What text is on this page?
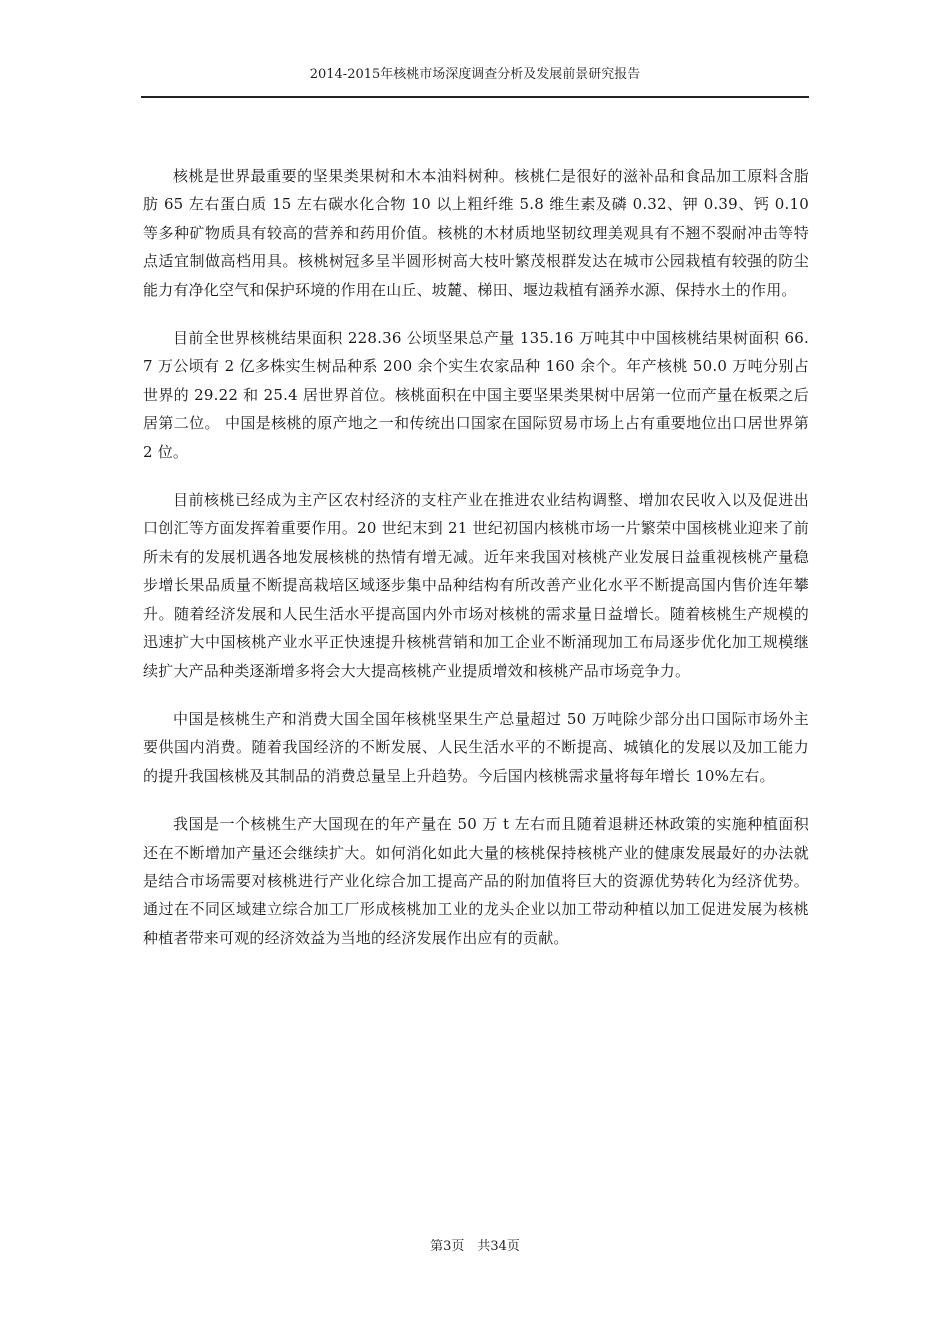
2014-2015年核桃市场深度调查分析及发展前景研究报告

核桃是世界最重要的坚果类果树和木本油料树种。核桃仁是很好的滋补品和食品加工原料含脂肪 65 左右蛋白质 15 左右碳水化合物 10 以上粗纤维 5.8 维生素及磷 0.32、钾 0.39、钙 0.10 等多种矿物质具有较高的营养和药用价值。核桃的木材质地坚韧纹理美观具有不翘不裂耐冲击等特点适宜制做高档用具。核桃树冠多呈半圆形树高大枝叶繁茂根群发达在城市公园栽植有较强的防尘能力有净化空气和保护环境的作用在山丘、坡麓、梯田、堰边栽植有涵养水源、保持水土的作用。

目前全世界核桃结果面积 228.36 公顷坚果总产量 135.16 万吨其中中国核桃结果树面积 66.7 万公顷有 2 亿多株实生树品种系 200 余个实生农家品种 160 余个。年产核桃 50.0 万吨分别占世界的 29.22 和 25.4 居世界首位。核桃面积在中国主要坚果类果树中居第一位而产量在板栗之后居第二位。 中国是核桃的原产地之一和传统出口国家在国际贸易市场上占有重要地位出口居世界第 2 位。

目前核桃已经成为主产区农村经济的支柱产业在推进农业结构调整、增加农民收入以及促进出口创汇等方面发挥着重要作用。20 世纪末到 21 世纪初国内核桃市场一片繁荣中国核桃业迎来了前所未有的发展机遇各地发展核桃的热情有增无减。近年来我国对核桃产业发展日益重视核桃产量稳步增长果品质量不断提高栽培区域逐步集中品种结构有所改善产业化水平不断提高国内售价连年攀升。随着经济发展和人民生活水平提高国内外市场对核桃的需求量日益增长。随着核桃生产规模的迅速扩大中国核桃产业水平正快速提升核桃营销和加工企业不断涌现加工布局逐步优化加工规模继续扩大产品种类逐渐增多将会大大提高核桃产业提质增效和核桃产品市场竞争力。

中国是核桃生产和消费大国全国年核桃坚果生产总量超过 50 万吨除少部分出口国际市场外主要供国内消费。随着我国经济的不断发展、人民生活水平的不断提高、城镇化的发展以及加工能力的提升我国核桃及其制品的消费总量呈上升趋势。今后国内核桃需求量将每年增长 10%左右。

我国是一个核桃生产大国现在的年产量在 50 万 t 左右而且随着退耕还林政策的实施种植面积还在不断增加产量还会继续扩大。如何消化如此大量的核桃保持核桃产业的健康发展最好的办法就是结合市场需要对核桃进行产业化综合加工提高产品的附加值将巨大的资源优势转化为经济优势。通过在不同区域建立综合加工厂形成核桃加工业的龙头企业以加工带动种植以加工促进发展为核桃种植者带来可观的经济效益为当地的经济发展作出应有的贡献。

第3页　共34页
